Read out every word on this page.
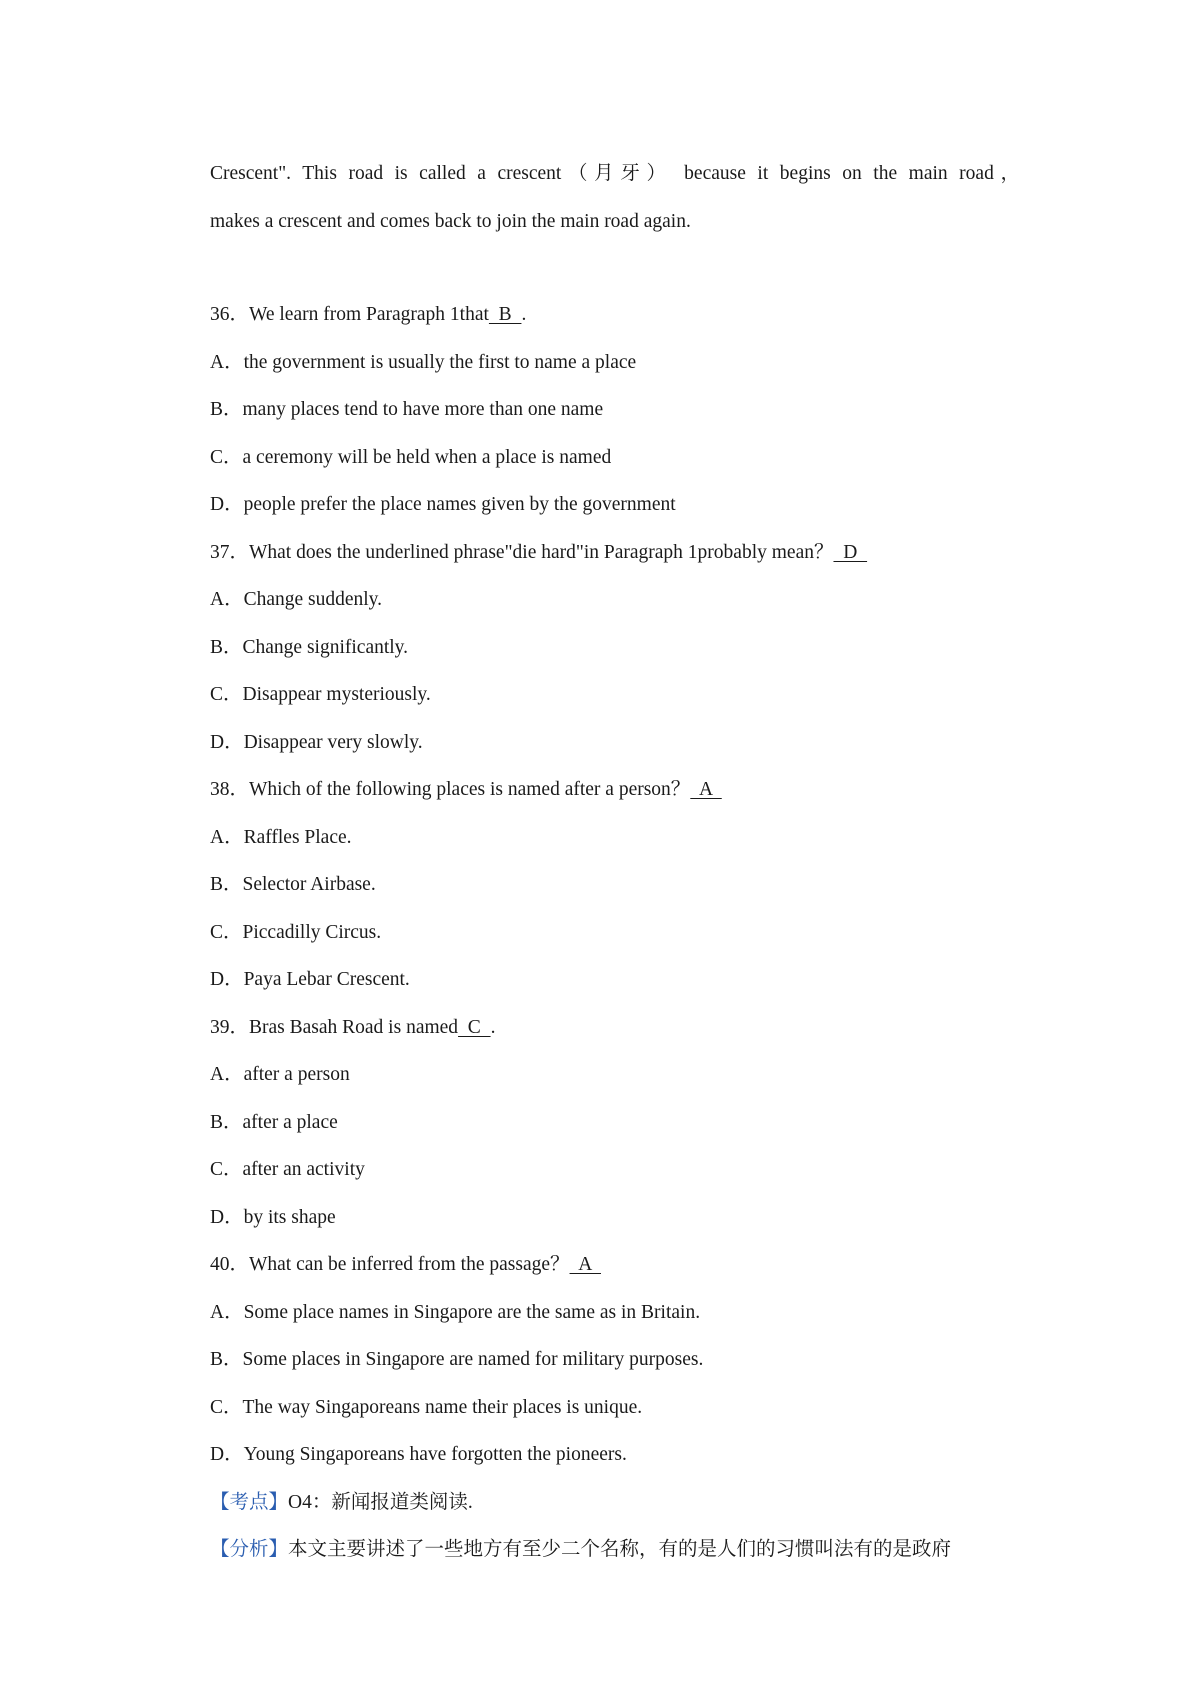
Crescent". This road is called a crescent（月牙） because it begins on the main road，
makes a crescent and comes back to join the main road again.
36．We learn from Paragraph 1that  B  .
A．the government is usually the first to name a place
B．many places tend to have more than one name
C．a ceremony will be held when a place is named
D．people prefer the place names given by the government
37．What does the underlined phrase"die hard"in Paragraph 1probably mean？  D
A．Change suddenly.
B．Change significantly.
C．Disappear mysteriously.
D．Disappear very slowly.
38．Which of the following places is named after a person？  A
A．Raffles Place.
B．Selector Airbase.
C．Piccadilly Circus.
D．Paya Lebar Crescent.
39．Bras Basah Road is named  C  .
A．after a person
B．after a place
C．after an activity
D．by its shape
40．What can be inferred from the passage？  A
A．Some place names in Singapore are the same as in Britain.
B．Some places in Singapore are named for military purposes.
C．The way Singaporeans name their places is unique.
D．Young Singaporeans have forgotten the pioneers.
【考点】O4：新闻报道类阅读.
【分析】本文主要讲述了一些地方有至少二个名称，有的是人们的习惯叫法有的是政府
